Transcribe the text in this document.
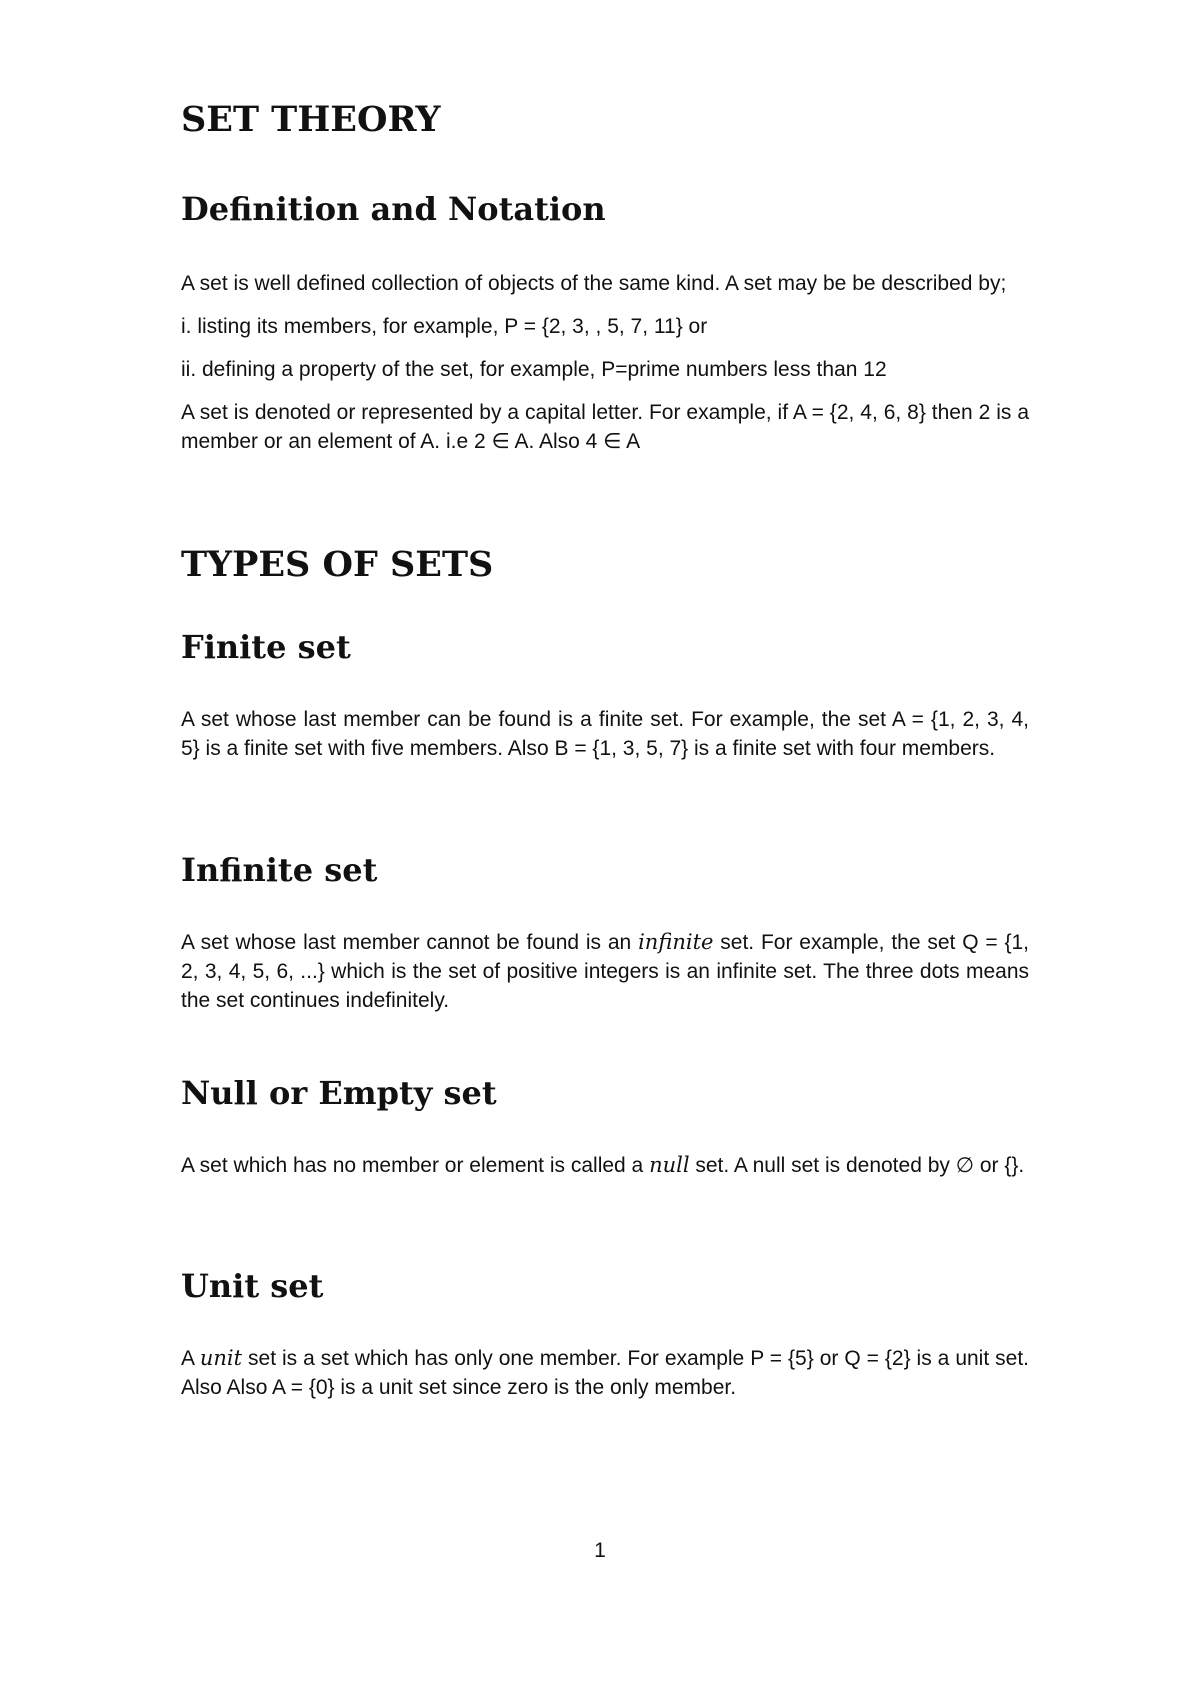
SET THEORY
Definition and Notation

A set is well defined collection of objects of the same kind. A set may be be described by;

i. listing its members, for example, P = {2, 3, , 5, 7, 11} or

ii. defining a property of the set, for example, P=prime numbers less than 12

A set is denoted or represented by a capital letter. For example, if A = {2, 4, 6, 8} then 2 is a member or an element of A. i.e 2 ∈ A. Also 4 ∈ A

TYPES OF SETS
Finite set

A set whose last member can be found is a finite set. For example, the set A = {1, 2, 3, 4, 5} is a finite set with five members. Also B = {1, 3, 5, 7} is a finite set with four members.

Infinite set

A set whose last member cannot be found is an infinite set. For example, the set Q = {1, 2, 3, 4, 5, 6, ...} which is the set of positive integers is an infinite set. The three dots means the set continues indefinitely.

Null or Empty set

A set which has no member or element is called a null set. A null set is denoted by ∅ or {}.

Unit set

A unit set is a set which has only one member. For example P = {5} or Q = {2} is a unit set. Also Also A = {0} is a unit set since zero is the only member.

1
